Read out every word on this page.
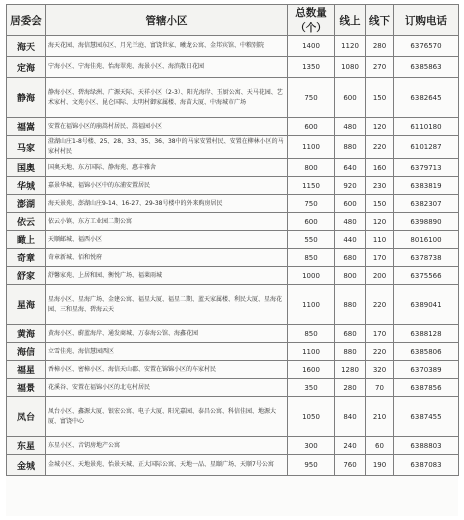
居委会	管辖小区	总数量（个）	线上	线下	订购电话
海天	海天花园、海信慧园东区、月光兰庭、富饶世家、曦龙公寓、金邦宾馆、中粮别院	1400	1120	280	6376570
定海	宁海小区、宁海佳苑、怡海翠苑、海景小区、海滨散日花园	1350	1080	270	6385863
静海	静海小区、碧海绿洲、广源天际、天祥小区（2-3）、阳光海岸、玉厨公寓、天马花园、艺术家村、文苑小区、昆仑国际、太明村御家属楼、海苗大厦、中海城市广场	750	600	150	6382645
福嵩	安置在福锦小区的崩嵩村居民、嵩福园小区	600	480	120	6110180
马家	澄湖山庄1-8号楼、25、28、33、35、36、38中的马家安置村民、安置在柳林小区的马家村村民	1100	880	220	6101287
国奥	国奥天地、东方国际、静海苑、惠丰雅舍	800	640	160	6379713
华城	嘉景华城、福锦小区中的东浦安置居民	1150	920	230	6383819
澎湖	海天景苑、澎湖山庄9-14、16-27、29-38号楼中的外来购房居民	750	600	150	6382307
依云	依云小镇、东方工业园二期公寓	600	480	120	6398890
瞰上	天顺邮城、福西小区	550	440	110	8016100
奇章	奇章新城、佰和悦府	850	680	170	6378738
舒家	舒馨家苑、上居和园、衡悦广场、福莱雨城	1000	800	200	6375566
星海	星海小区、星海广场、金建公寓、福星大厦、福星二期、蓝天家属楼、利民大厦、星海花园、三和星海、碧海云天	1100	880	220	6389041
黄海	黄海小区、蔚蓝海岸、通发商城、万泰海公馆、海鑫花园	850	680	170	6388128
海信	立雪佳苑、海信慧园西区	1100	880	220	6385806
福星	香樟小区、密樟小区、海信天山郡、安置在锦锦小区的车家村民	1600	1280	320	6370389
福景	花溪谷、安置在福锦小区的北屯村居民	350	280	70	6387856
凤台	凤台小区、鑫源大厦、银宏公寓、电子大厦、阳光嘉园、泰昌公寓、科信佳园、地源大厦、富饶中心	1050	840	210	6387455
东星	东星小区、音钥房地产公寓	300	240	60	6388803
金城	金城小区、天地景苑、怡景天城、正大国际公寓、天地一品、星颐广场、天顺7号公寓	950	760	190	6387083
